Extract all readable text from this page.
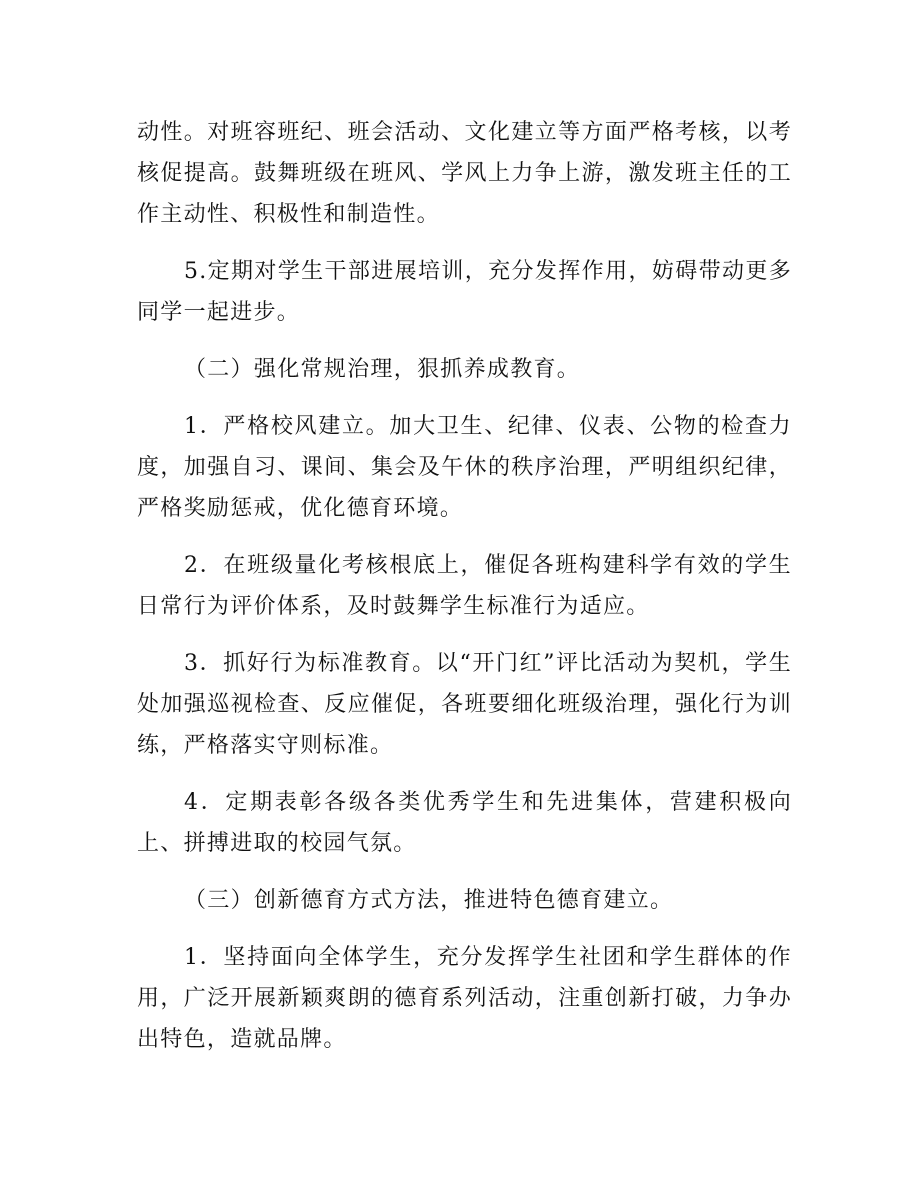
动性。对班容班纪、班会活动、文化建立等方面严格考核，以考核促提高。鼓舞班级在班风、学风上力争上游，激发班主任的工作主动性、积极性和制造性。

5.定期对学生干部进展培训，充分发挥作用，妨碍带动更多同学一起进步。

（二）强化常规治理，狠抓养成教育。

1．严格校风建立。加大卫生、纪律、仪表、公物的检查力度，加强自习、课间、集会及午休的秩序治理，严明组织纪律，严格奖励惩戒，优化德育环境。

2．在班级量化考核根底上，催促各班构建科学有效的学生日常行为评价体系，及时鼓舞学生标准行为适应。

3．抓好行为标准教育。以“开门红”评比活动为契机，学生处加强巡视检查、反应催促，各班要细化班级治理，强化行为训练，严格落实守则标准。

4．定期表彰各级各类优秀学生和先进集体，营建积极向上、拼搏进取的校园气氛。

（三）创新德育方式方法，推进特色德育建立。

1．坚持面向全体学生，充分发挥学生社团和学生群体的作用，广泛开展新颖爽朗的德育系列活动，注重创新打破，力争办出特色，造就品牌。
